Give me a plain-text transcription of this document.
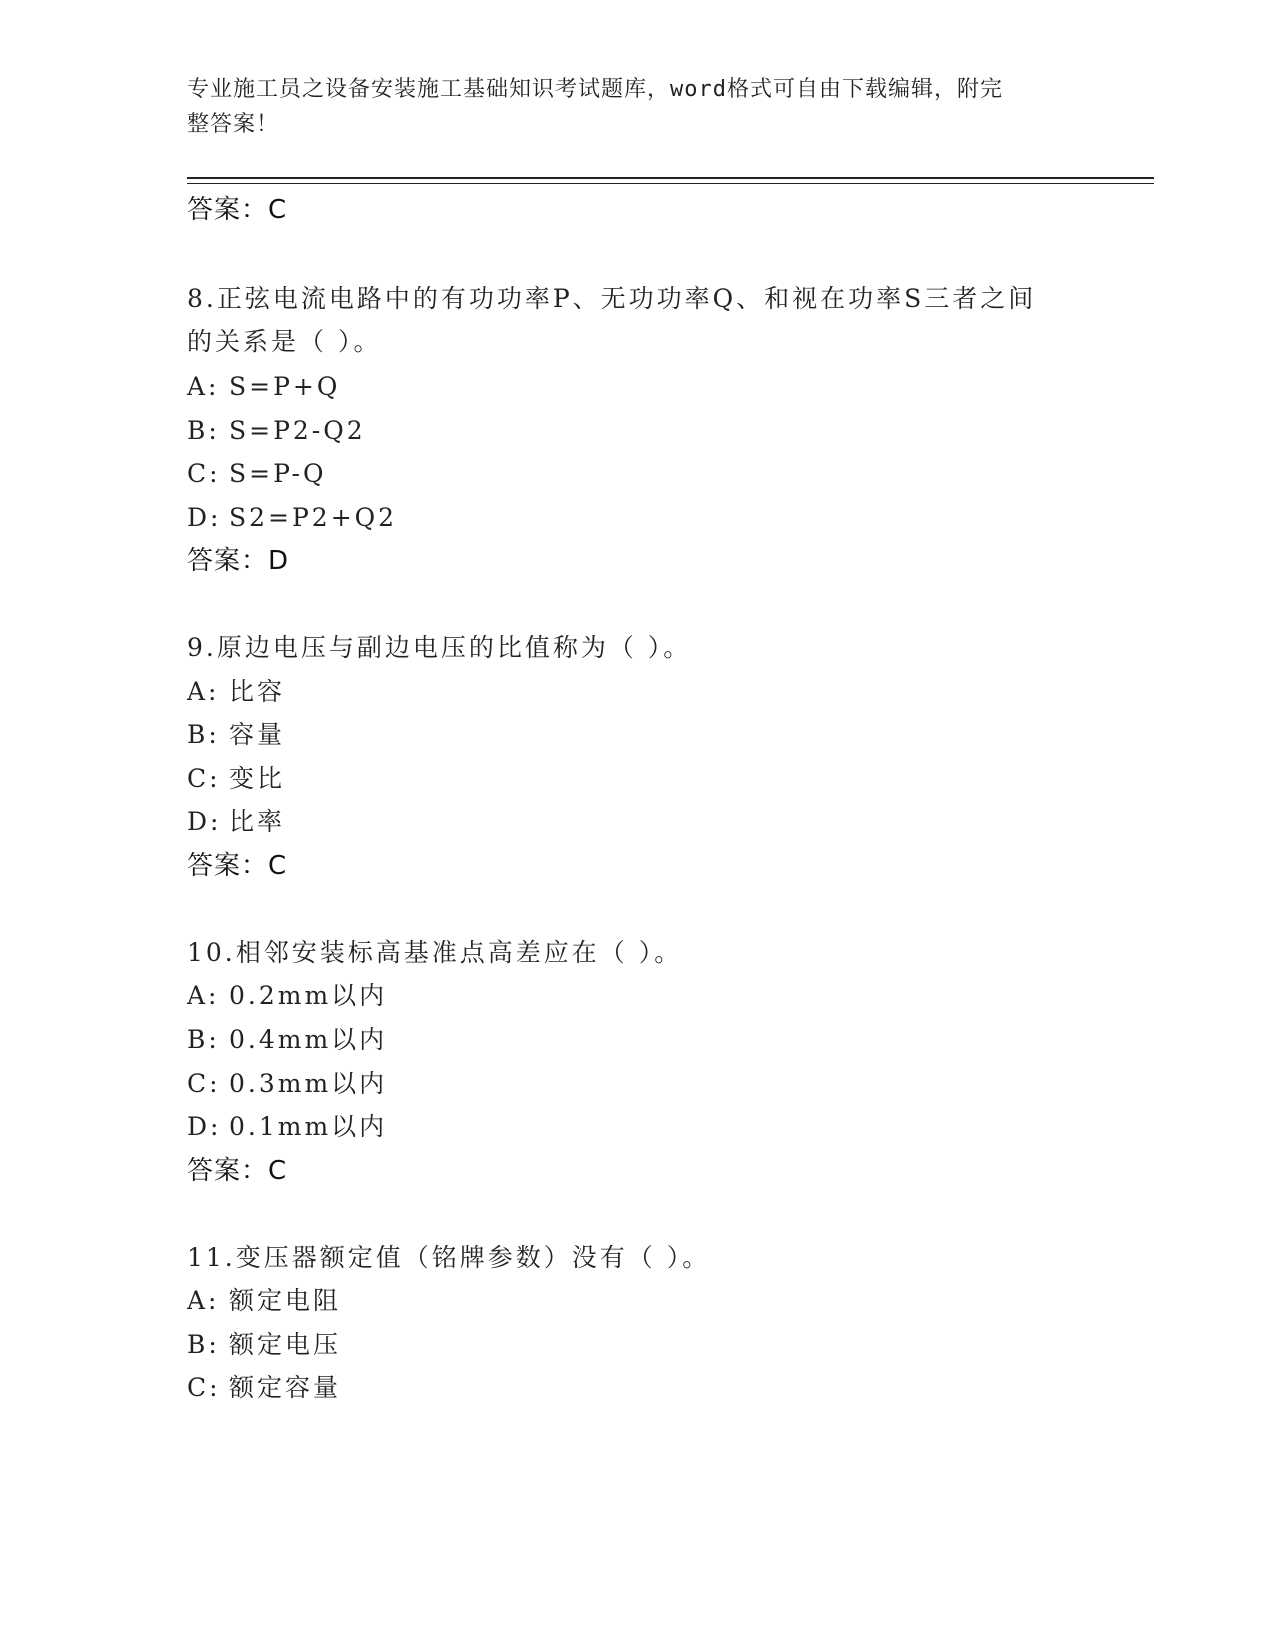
专业施工员之设备安装施工基础知识考试题库，word格式可自由下载编辑，附完
整答案！
答案：C
8.正弦电流电路中的有功功率P、无功功率Q、和视在功率S三者之间
的关系是（ ）。
A: S=P+Q
B: S=P2-Q2
C: S=P-Q
D: S2=P2+Q2
答案：D
9.原边电压与副边电压的比值称为（ ）。
A: 比容
B: 容量
C: 变比
D: 比率
答案：C
10.相邻安装标高基准点高差应在（ ）。
A: 0.2mm以内
B: 0.4mm以内
C: 0.3mm以内
D: 0.1mm以内
答案：C
11.变压器额定值（铭牌参数）没有（ ）。
A: 额定电阻
B: 额定电压
C: 额定容量
